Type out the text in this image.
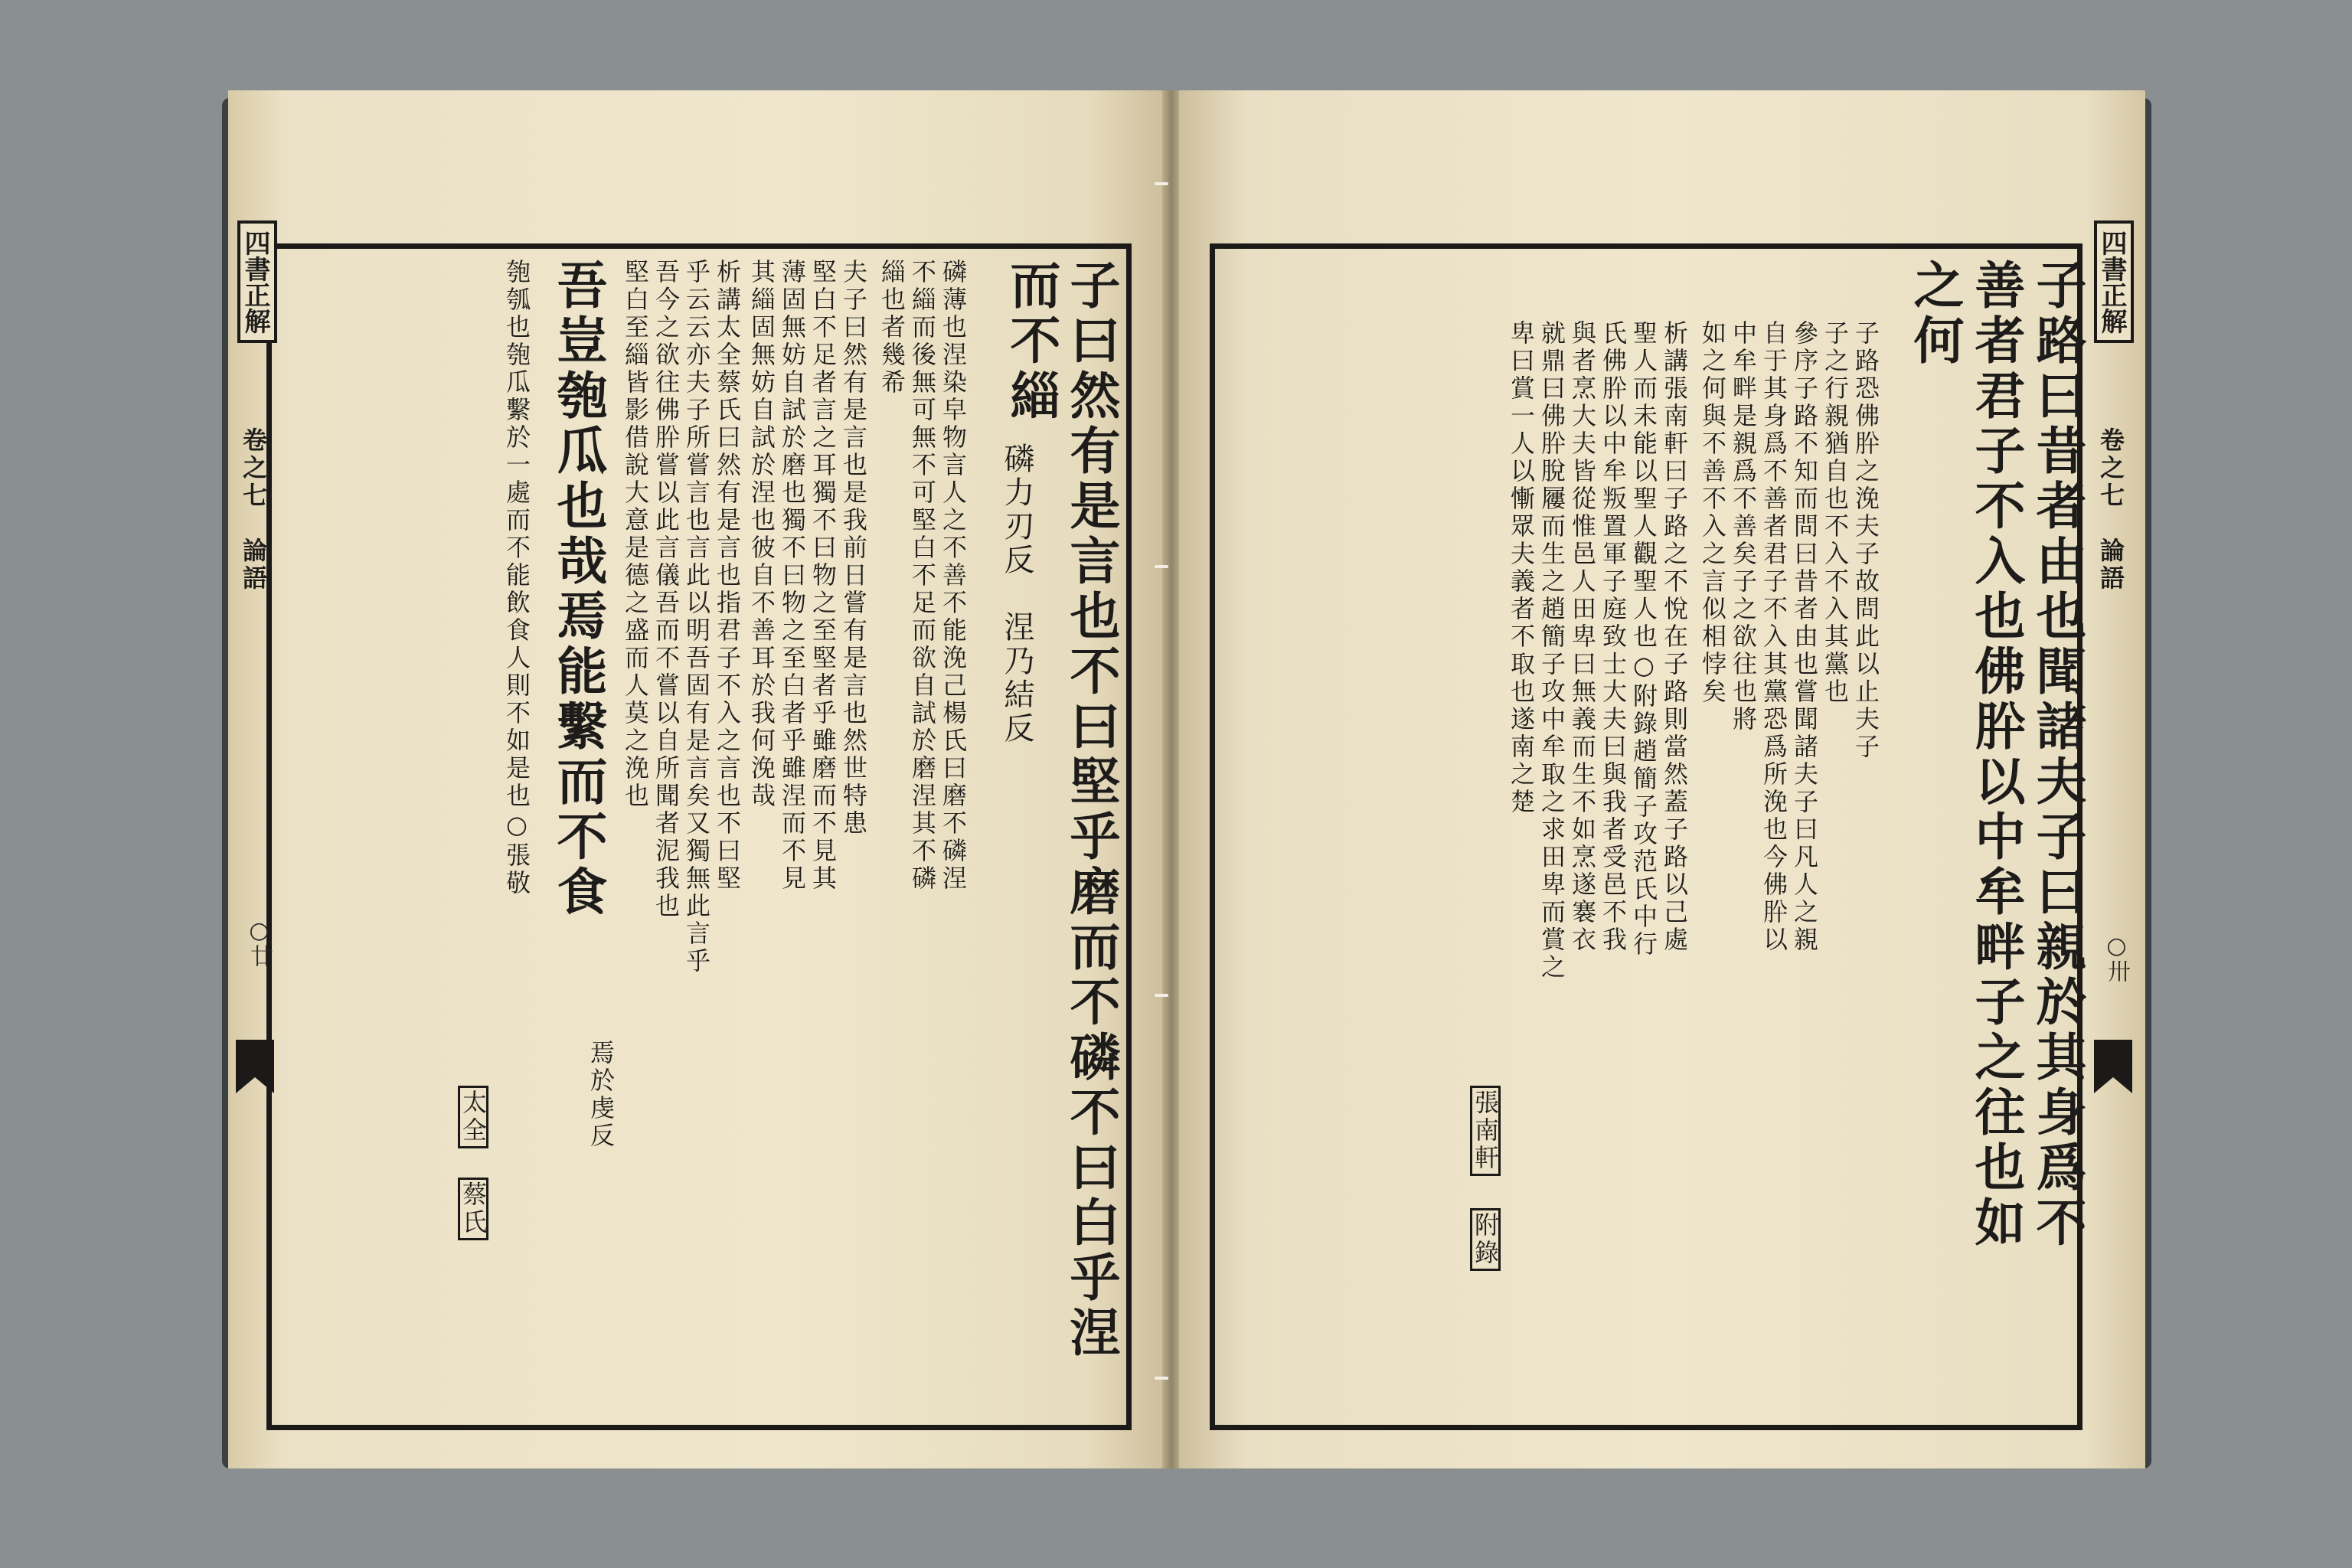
四書正解
卷之七　論語
○廿	子曰然有是言也不曰堅乎磨而不磷不曰白乎涅
而不緇
磷力刃反　涅乃結反
磷薄也涅染皁物言人之不善不能浼己楊氏曰磨不磷涅
不緇而後無可無不可堅白不足而欲自試於磨涅其不磷
緇也者幾希
夫子曰然有是言也是我前日嘗有是言也然世特患
堅白不足者言之耳獨不曰物之至堅者乎雖磨而不見其
薄固無妨自試於磨也獨不曰物之至白者乎雖涅而不見
其緇固無妨自試於涅也彼自不善耳於我何浼哉
析講太全蔡氏曰然有是言也指君子不入之言也不曰堅
乎云云亦夫子所嘗言也言此以明吾固有是言矣又獨無此言乎
吾今之欲往佛肸嘗以此言儀吾而不嘗以自所聞者泥我也
堅白至緇皆影借說大意是德之盛而人莫之浼也
焉於虔反
吾豈匏瓜也哉焉能繫而不食
匏瓠也匏瓜繫於一處而不能飲食人則不如是也○張敬
太全
蔡氏
四書正解
卷之七　論語
○卅
子路曰昔者由也聞諸夫子曰親於其身爲不
善者君子不入也佛肸以中牟畔子之往也如
之何
子路恐佛肸之浼夫子故問此以止夫子
子之行親猶自也不入不入其黨也
參序子路不知而問曰昔者由也嘗聞諸夫子曰凡人之親
自于其身爲不善者君子不入其黨恐爲所浼也今佛肸以
中牟畔是親爲不善矣子之欲往也將
如之何與不善不入之言似相悖矣
析講張南軒曰子路之不悅在子路則當然蓋子路以己處
聖人而未能以聖人觀聖人也○附錄趙簡子攻范氏中行
氏佛肸以中牟叛置軍子庭致士大夫曰與我者受邑不我
與者烹大夫皆從惟邑人田卑曰無義而生不如烹遂褰衣
就鼎曰佛肸脫屨而生之趙簡子攻中牟取之求田卑而賞之
卑曰賞一人以慚眾夫義者不取也遂南之楚
張南軒
附錄
